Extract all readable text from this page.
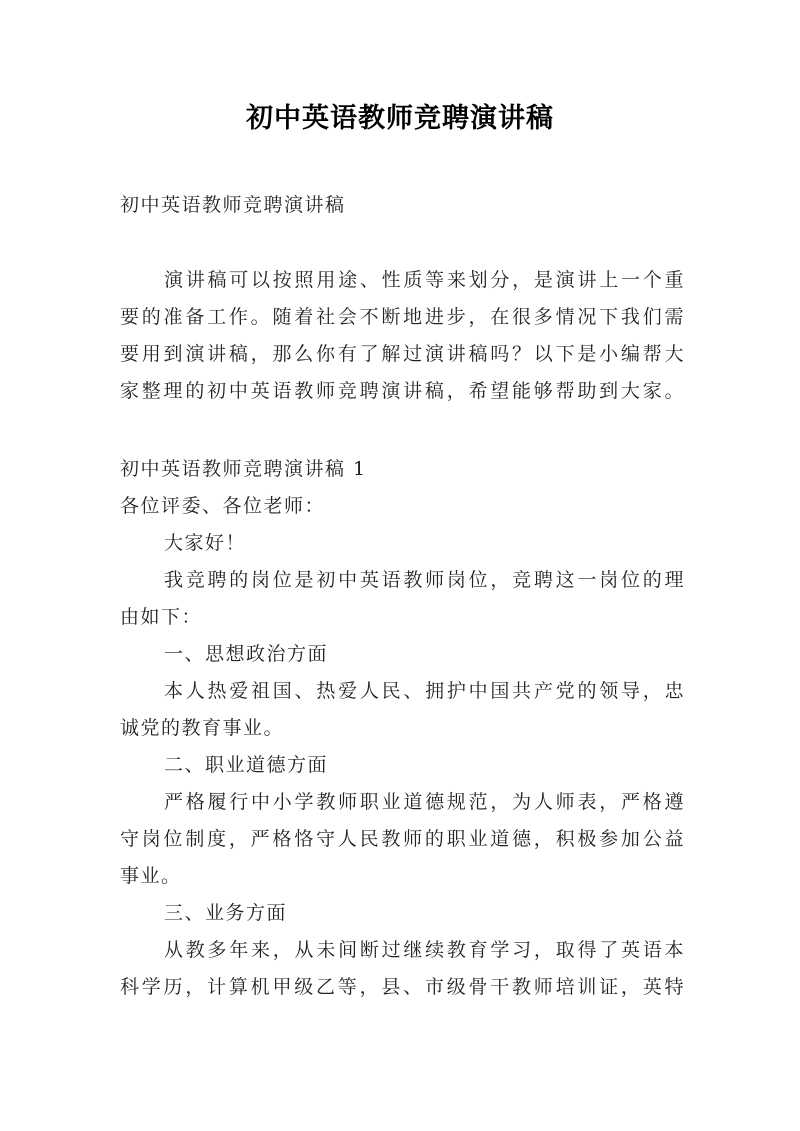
初中英语教师竞聘演讲稿
初中英语教师竞聘演讲稿
演讲稿可以按照用途、性质等来划分，是演讲上一个重
要的准备工作。随着社会不断地进步，在很多情况下我们需
要用到演讲稿，那么你有了解过演讲稿吗？以下是小编帮大
家整理的初中英语教师竞聘演讲稿，希望能够帮助到大家。
初中英语教师竞聘演讲稿 1
各位评委、各位老师：
大家好！
我竞聘的岗位是初中英语教师岗位，竞聘这一岗位的理
由如下：
一、思想政治方面
本人热爱祖国、热爱人民、拥护中国共产党的领导，忠
诚党的教育事业。
二、职业道德方面
严格履行中小学教师职业道德规范，为人师表，严格遵
守岗位制度，严格恪守人民教师的职业道德，积极参加公益
事业。
三、业务方面
从教多年来，从未间断过继续教育学习，取得了英语本
科学历，计算机甲级乙等，县、市级骨干教师培训证，英特
